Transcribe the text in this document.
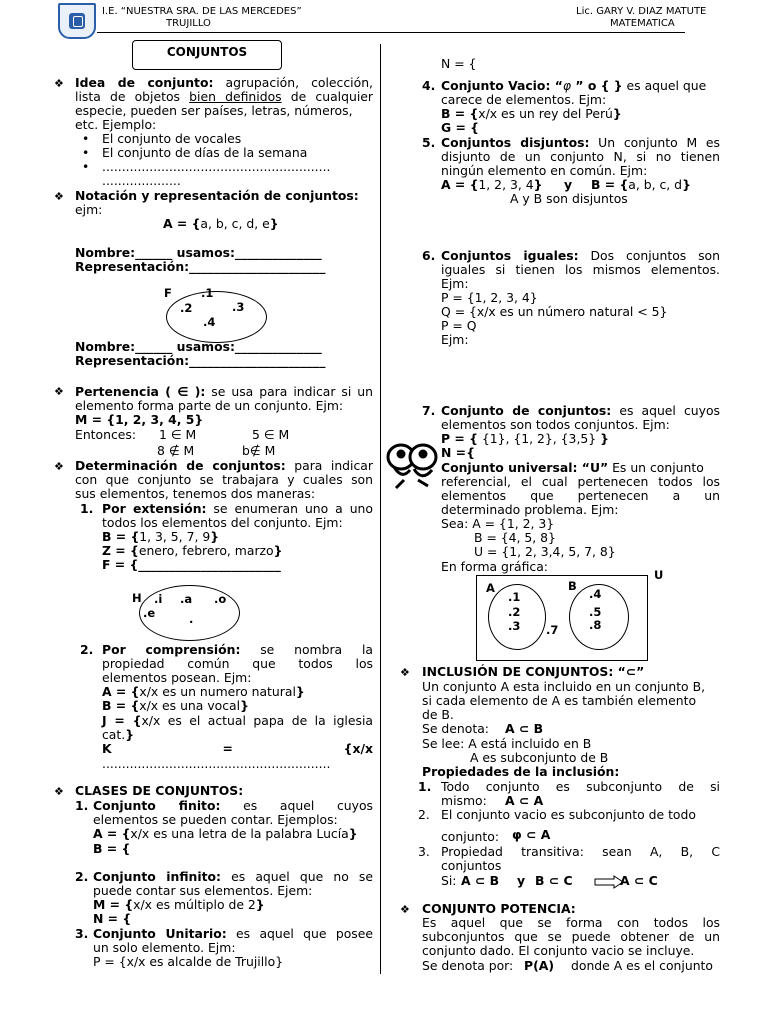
I.E. “NUESTRA SRA. DE LAS MERCEDES”
TRUJILLO
Lic. GARY V. DIAZ MATUTE
MATEMATICA
CONJUNTOS
❖ Idea de conjunto: agrupación, colección,
lista de objetos bien definidos de cualquier
especie, pueden ser países, letras, números,
etc. Ejemplo:
• El conjunto de vocales
• El conjunto de días de la semana
• ..........................................................
....................
❖ Notación y representación de conjuntos:
ejm:
A = {a, b, c, d, e}
Nombre:______ usamos:______________
Representación:______________________
F	.1
.2	.3
.4
Nombre:______ usamos:______________
Representación:______________________
❖ Pertenencia ( ∈ ): se usa para indicar si un
elemento forma parte de un conjunto. Ejm:
M = {1, 2, 3, 4, 5}
Entonces: 1 ∈ M	5 ∈ M
8 ∉ M	b∉ M
❖ Determinación de conjuntos: para indicar
con que conjunto se trabajara y cuales son
sus elementos, tenemos dos maneras:
1. Por extensión: se enumeran uno a uno
todos los elementos del conjunto. Ejm:
B = {1, 3, 5, 7, 9}
Z = {enero, febrero, marzo}
F = {_______________________
H .i .a .o
.e	.
2. Por comprensión: se nombra la
propiedad común que todos los
elementos posean. Ejm:
A = {x/x es un numero natural}
B = {x/x es una vocal}
J = {x/x es el actual papa de la iglesia
cat.}
K	=	{x/x
..........................................................
❖ CLASES DE CONJUNTOS:
1. Conjunto finito: es aquel cuyos
elementos se pueden contar. Ejemplos:
A = {x/x es una letra de la palabra Lucía}
B = {
2. Conjunto infinito: es aquel que no se
puede contar sus elementos. Ejem:
M = {x/x es múltiplo de 2}
N = {
3. Conjunto Unitario: es aquel que posee
un solo elemento. Ejm:
P = {x/x es alcalde de Trujillo}
N = {
4. Conjunto Vacio: “φ ” o { } es aquel que
carece de elementos. Ejm:
B = {x/x es un rey del Perú}
G = {
5. Conjuntos disjuntos: Un conjunto M es
disjunto de un conjunto N, si no tienen
ningún elemento en común. Ejm:
A = {1, 2, 3, 4} y B = {a, b, c, d}
A y B son disjuntos
6. Conjuntos iguales: Dos conjuntos son
iguales si tienen los mismos elementos.
Ejm:
P = {1, 2, 3, 4}
Q = {x/x es un número natural < 5}
P = Q
Ejm:
7. Conjunto de conjuntos: es aquel cuyos
elementos son todos conjuntos. Ejm:
P = { {1}, {1, 2}, {3,5} }
N ={
Conjunto universal: “U” Es un conjunto
referencial, el cual pertenecen todos los
elementos que pertenecen a un
determinado problema. Ejm:
Sea: A = {1, 2, 3}
B = {4, 5, 8}
U = {1, 2, 3,4, 5, 7, 8}
En forma gráfica:
U
A	B
.1
.2
.3 .7
.4
.5
.8
❖ INCLUSIÓN DE CONJUNTOS: “⊂”
Un conjunto A esta incluido en un conjunto B,
si cada elemento de A es también elemento
de B.
Se denota: A ⊂ B
Se lee: A está incluido en B
A es subconjunto de B
Propiedades de la inclusión:
1. Todo conjunto es subconjunto de si
mismo: A ⊂ A
2. El conjunto vacio es subconjunto de todo
conjunto: φ ⊂ A
3. Propiedad transitiva: sean A, B, C
conjuntos
Si: A ⊂ B y B ⊂ C	A ⊂ C
❖ CONJUNTO POTENCIA:
Es aquel que se forma con todos los
subconjuntos que se puede obtener de un
conjunto dado. El conjunto vacio se incluye.
Se denota por: P(A) donde A es el conjunto
